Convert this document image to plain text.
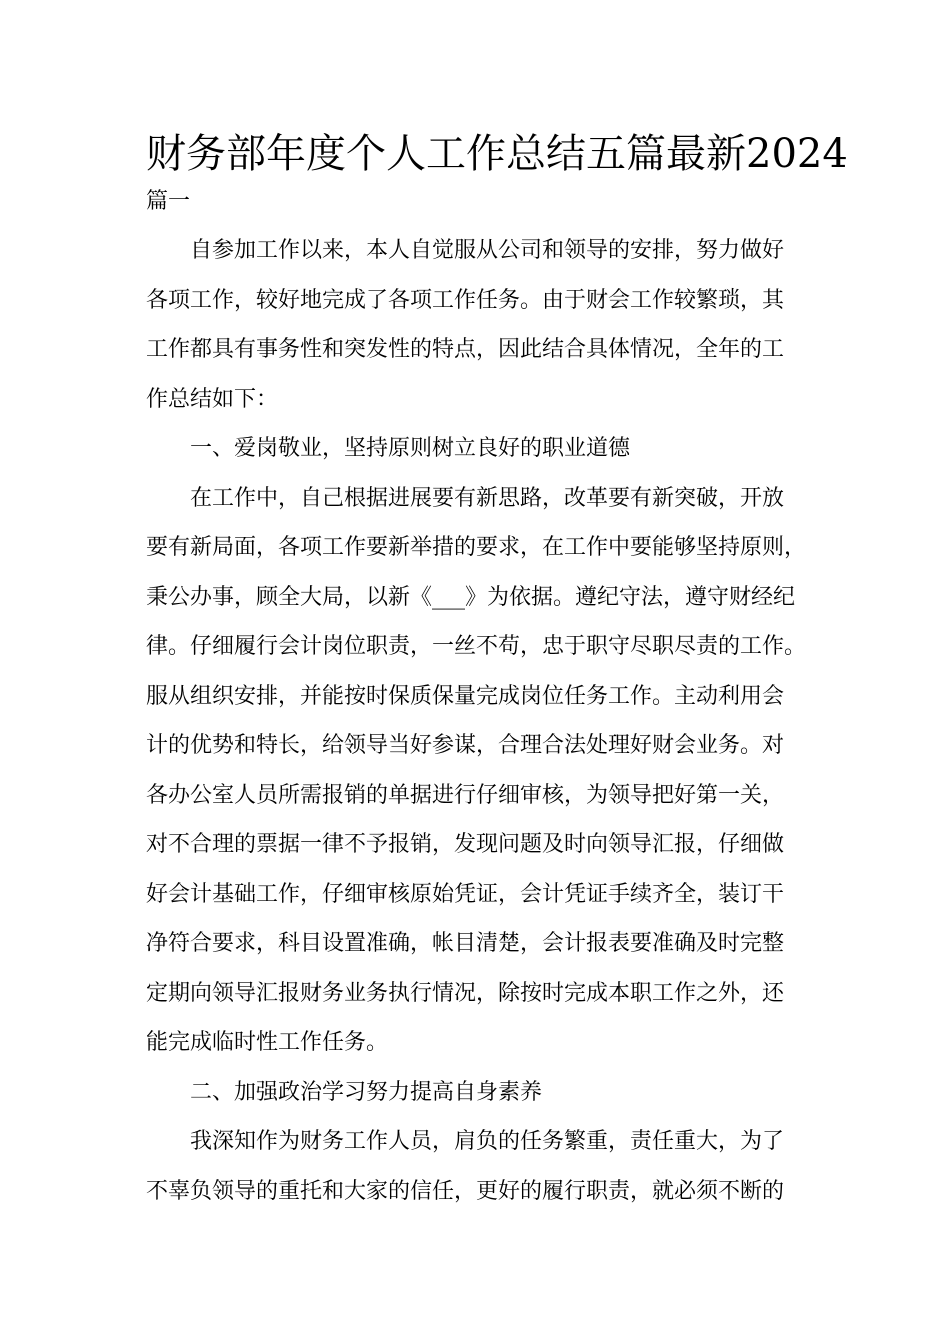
财务部年度个人工作总结五篇最新2024
篇一
自参加工作以来，本人自觉服从公司和领导的安排，努力做好
各项工作，较好地完成了各项工作任务。由于财会工作较繁琐，其
工作都具有事务性和突发性的特点，因此结合具体情况，全年的工
作总结如下：
一、爱岗敬业，坚持原则树立良好的职业道德
在工作中，自己根据进展要有新思路，改革要有新突破，开放
要有新局面，各项工作要新举措的要求，在工作中要能够坚持原则，
秉公办事，顾全大局，以新《___》为依据。遵纪守法，遵守财经纪
律。仔细履行会计岗位职责，一丝不苟，忠于职守尽职尽责的工作。
服从组织安排，并能按时保质保量完成岗位任务工作。主动利用会
计的优势和特长，给领导当好参谋，合理合法处理好财会业务。对
各办公室人员所需报销的单据进行仔细审核，为领导把好第一关，
对不合理的票据一律不予报销，发现问题及时向领导汇报，仔细做
好会计基础工作，仔细审核原始凭证，会计凭证手续齐全，装订干
净符合要求，科目设置准确，帐目清楚，会计报表要准确及时完整
定期向领导汇报财务业务执行情况，除按时完成本职工作之外，还
能完成临时性工作任务。
二、加强政治学习努力提高自身素养
我深知作为财务工作人员，肩负的任务繁重，责任重大，为了
不辜负领导的重托和大家的信任，更好的履行职责，就必须不断的
